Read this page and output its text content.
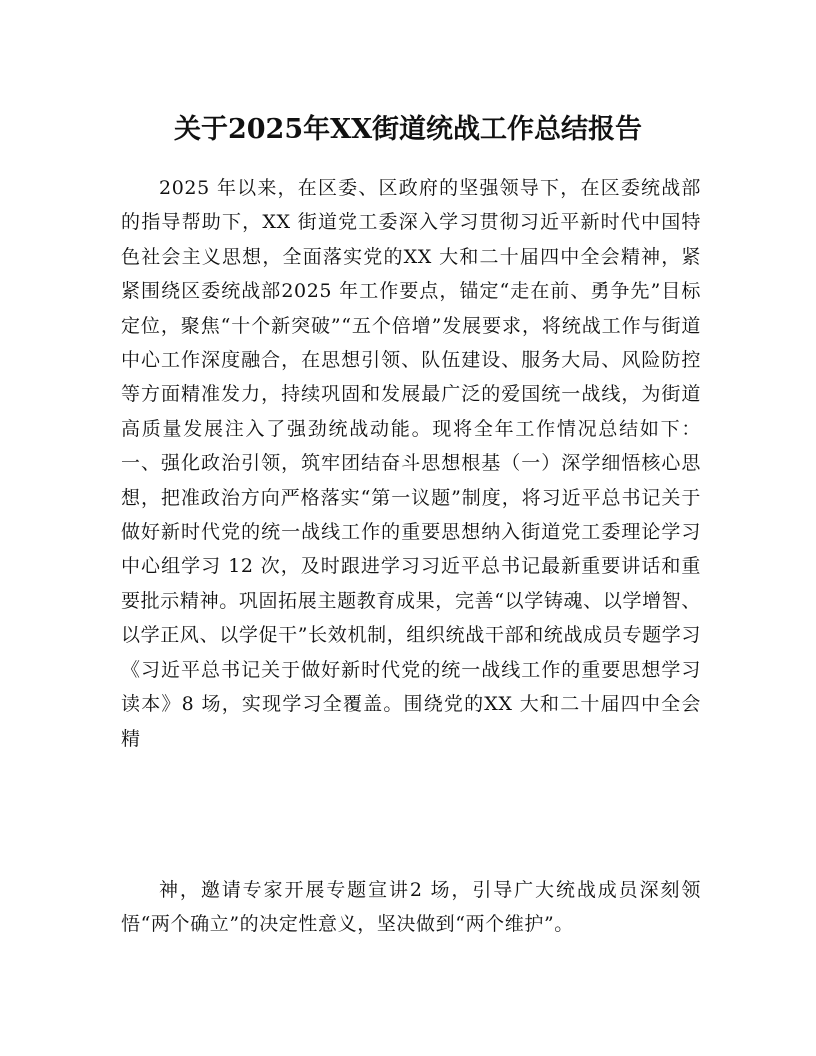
关于2025年XX街道统战工作总结报告

2025 年以来，在区委、区政府的坚强领导下，在区委统战部的指导帮助下，XX 街道党工委深入学习贯彻习近平新时代中国特色社会主义思想，全面落实党的XX 大和二十届四中全会精神，紧紧围绕区委统战部2025 年工作要点，锚定“走在前、勇争先”目标定位，聚焦“十个新突破”“五个倍增”发展要求，将统战工作与街道中心工作深度融合，在思想引领、队伍建设、服务大局、风险防控等方面精准发力，持续巩固和发展最广泛的爱国统一战线，为街道高质量发展注入了强劲统战动能。现将全年工作情况总结如下：一、强化政治引领，筑牢团结奋斗思想根基（一）深学细悟核心思想，把准政治方向严格落实“第一议题”制度，将习近平总书记关于做好新时代党的统一战线工作的重要思想纳入街道党工委理论学习中心组学习 12 次，及时跟进学习习近平总书记最新重要讲话和重要批示精神。巩固拓展主题教育成果，完善“以学铸魂、以学增智、以学正风、以学促干”长效机制，组织统战干部和统战成员专题学习《习近平总书记关于做好新时代党的统一战线工作的重要思想学习读本》8 场，实现学习全覆盖。围绕党的XX 大和二十届四中全会精

神，邀请专家开展专题宣讲2 场，引导广大统战成员深刻领悟“两个确立”的决定性意义，坚决做到“两个维护”。
